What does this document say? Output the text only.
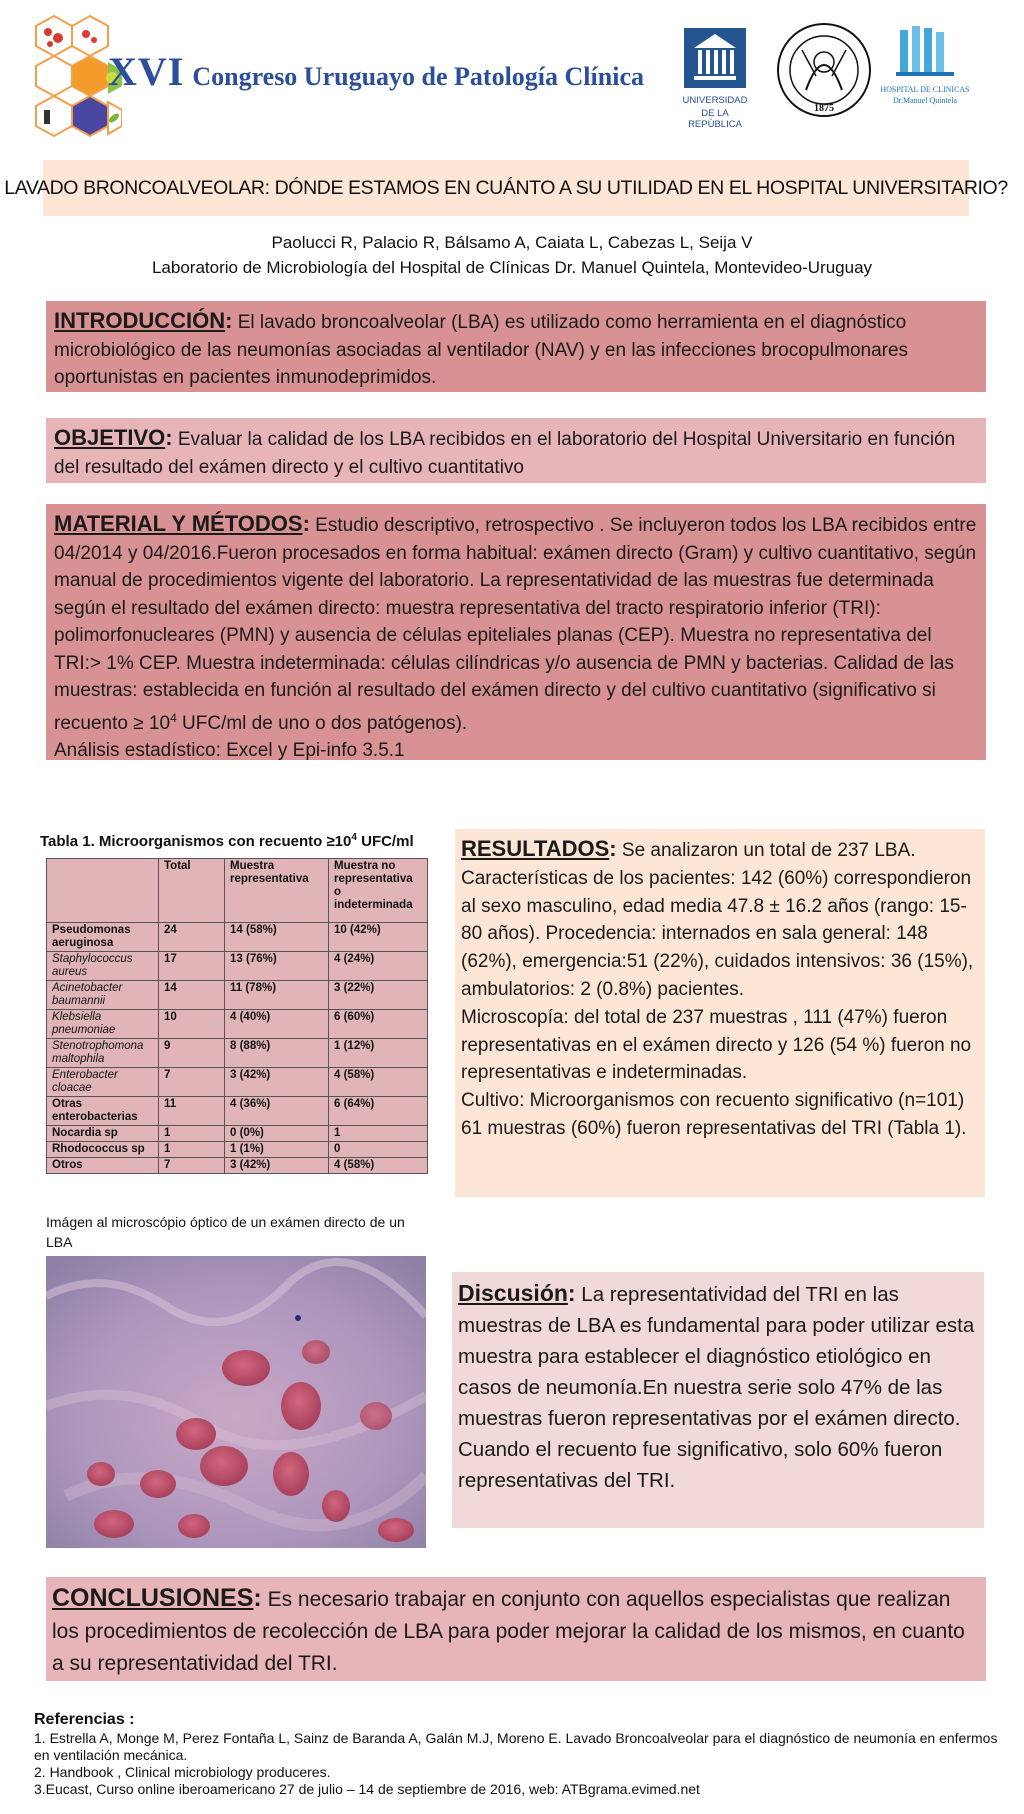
XVI Congreso Uruguayo de Patología Clínica
UNIVERSIDAD
DE LA REPÚBLICA
1875
HOSPITAL DE CLINICAS
Dr.Manuel Quintela
LAVADO BRONCOALVEOLAR: DÓNDE ESTAMOS EN CUÁNTO A SU UTILIDAD EN EL HOSPITAL UNIVERSITARIO?
Paolucci R, Palacio R, Bálsamo A, Caiata L, Cabezas L, Seija V
Laboratorio de Microbiología del Hospital de Clínicas Dr. Manuel Quintela, Montevideo-Uruguay
INTRODUCCIÓN: El lavado broncoalveolar (LBA) es utilizado como herramienta en el diagnóstico microbiológico de las neumonías asociadas al ventilador (NAV) y en las infecciones brocopulmonares oportunistas en pacientes inmunodeprimidos.
OBJETIVO: Evaluar la calidad de los LBA recibidos en el laboratorio del Hospital Universitario en función del resultado del exámen directo y el cultivo cuantitativo
MATERIAL Y MÉTODOS: Estudio descriptivo, retrospectivo . Se incluyeron todos los LBA recibidos entre 04/2014 y 04/2016.Fueron procesados en forma habitual: exámen directo (Gram) y cultivo cuantitativo, según manual de procedimientos vigente del laboratorio. La representatividad de las muestras fue determinada según el resultado del exámen directo: muestra representativa del tracto respiratorio inferior (TRI): polimorfonucleares (PMN) y ausencia de células epiteliales planas (CEP). Muestra no representativa del TRI:> 1% CEP. Muestra indeterminada: células cilíndricas y/o ausencia de PMN y bacterias. Calidad de las muestras: establecida en función al resultado del exámen directo y del cultivo cuantitativo (significativo si recuento ≥ $10^4$ UFC/ml de uno o dos patógenos).
Análisis estadístico: Excel y Epi-info 3.5.1
Tabla 1. Microorganismos con recuento $\ge 10^4$ UFC/ml
	Total	Muestra representativa	Muestra no representativa o indeterminada
Pseudomonas aeruginosa	24	14 (58%)	10 (42%)
Staphylococcus aureus	17	13 (76%)	4 (24%)
Acinetobacter baumannii	14	11 (78%)	3 (22%)
Klebsiella pneumoniae	10	4 (40%)	6 (60%)
Stenotrophomona maltophila	9	8 (88%)	1 (12%)
Enterobacter cloacae	7	3 (42%)	4 (58%)
Otras enterobacterias	11	4 (36%)	6 (64%)
Nocardia sp	1	0 (0%)	1
Rhodococcus sp	1	1 (1%)	0
Otros	7	3 (42%)	4 (58%)
RESULTADOS: Se analizaron un total de 237 LBA. Características de los pacientes: 142 (60%) correspondieron al sexo masculino, edad media 47.8 ± 16.2 años (rango: 15-80 años). Procedencia: internados en sala general: 148 (62%), emergencia:51 (22%), cuidados intensivos: 36 (15%), ambulatorios: 2 (0.8%) pacientes.
Microscopía: del total de 237 muestras , 111 (47%) fueron representativas en el exámen directo y 126 (54 %) fueron no representativas e indeterminadas.
Cultivo: Microorganismos con recuento significativo (n=101) 61 muestras (60%) fueron representativas del TRI (Tabla 1).
Imágen al microscópio óptico de un exámen directo de un LBA
Discusión: La representatividad del TRI en las muestras de LBA es fundamental para poder utilizar esta muestra para establecer el diagnóstico etiológico en casos de neumonía.En nuestra serie solo 47% de las muestras fueron representativas por el exámen directo. Cuando el recuento fue significativo, solo 60% fueron representativas del TRI.
CONCLUSIONES: Es necesario trabajar en conjunto con aquellos especialistas que realizan los procedimientos de recolección de LBA para poder mejorar la calidad de los mismos, en cuanto a su representatividad del TRI.
Referencias :
1. Estrella A, Monge M, Perez Fontaña L, Sainz de Baranda A, Galán M.J, Moreno E. Lavado Broncoalveolar para el diagnóstico de neumonía en enfermos en ventilación mecánica.
2. Handbook , Clinical microbiology produceres.
3.Eucast, Curso online iberoamericano 27 de julio – 14 de septiembre de 2016, web: ATBgrama.evimed.net
